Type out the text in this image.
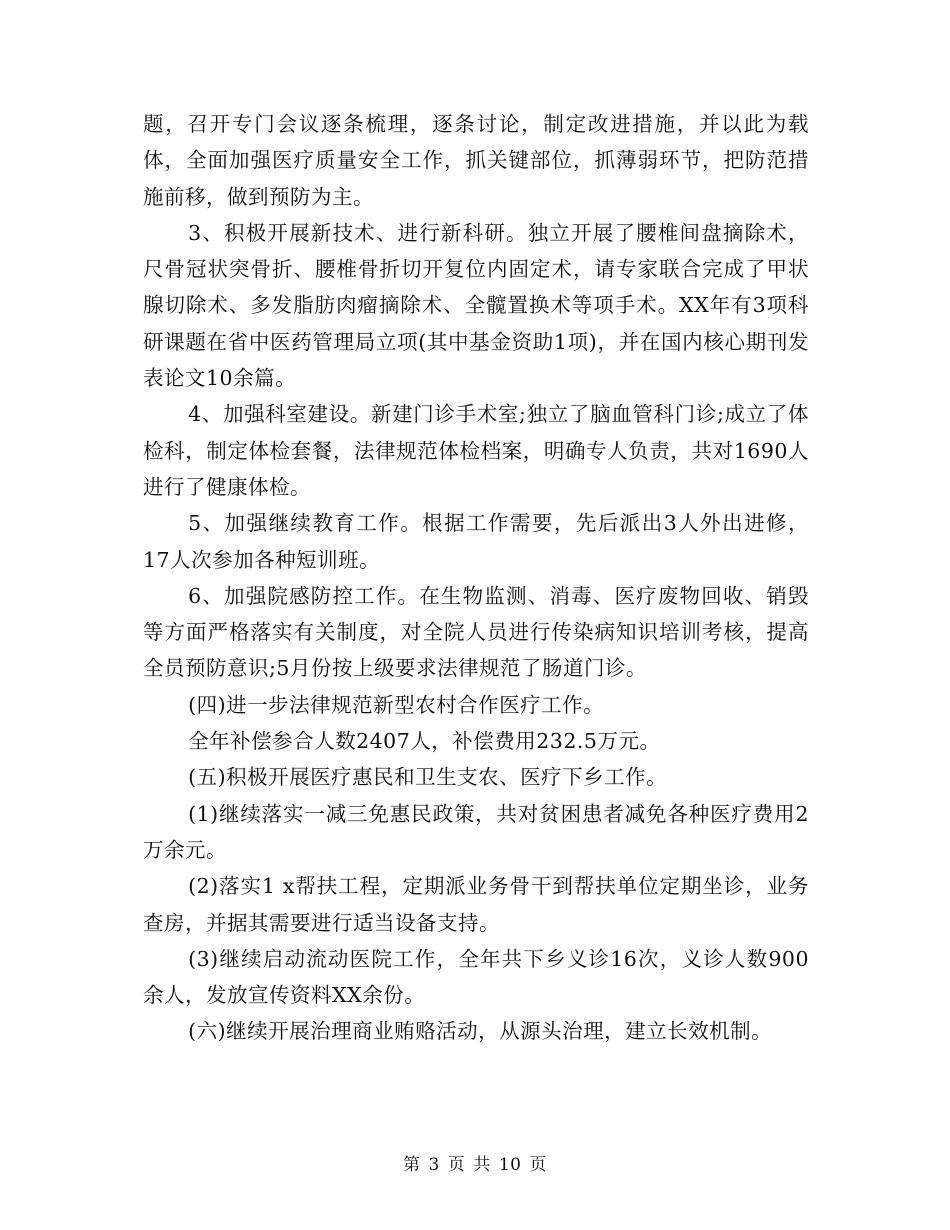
题，召开专门会议逐条梳理，逐条讨论，制定改进措施，并以此为载体，全面加强医疗质量安全工作，抓关键部位，抓薄弱环节，把防范措施前移，做到预防为主。

3、积极开展新技术、进行新科研。独立开展了腰椎间盘摘除术，尺骨冠状突骨折、腰椎骨折切开复位内固定术，请专家联合完成了甲状腺切除术、多发脂肪肉瘤摘除术、全髋置换术等项手术。XX年有3项科研课题在省中医药管理局立项(其中基金资助1项)，并在国内核心期刊发表论文10余篇。

4、加强科室建设。新建门诊手术室;独立了脑血管科门诊;成立了体检科，制定体检套餐，法律规范体检档案，明确专人负责，共对1690人进行了健康体检。

5、加强继续教育工作。根据工作需要，先后派出3人外出进修，17人次参加各种短训班。

6、加强院感防控工作。在生物监测、消毒、医疗废物回收、销毁等方面严格落实有关制度，对全院人员进行传染病知识培训考核，提高全员预防意识;5月份按上级要求法律规范了肠道门诊。

(四)进一步法律规范新型农村合作医疗工作。

全年补偿参合人数2407人，补偿费用232.5万元。

(五)积极开展医疗惠民和卫生支农、医疗下乡工作。

(1)继续落实一减三免惠民政策，共对贫困患者减免各种医疗费用2万余元。

(2)落实1 x帮扶工程，定期派业务骨干到帮扶单位定期坐诊，业务查房，并据其需要进行适当设备支持。

(3)继续启动流动医院工作，全年共下乡义诊16次，义诊人数900余人，发放宣传资料XX余份。

(六)继续开展治理商业贿赂活动，从源头治理，建立长效机制。

第 3 页 共 10 页
